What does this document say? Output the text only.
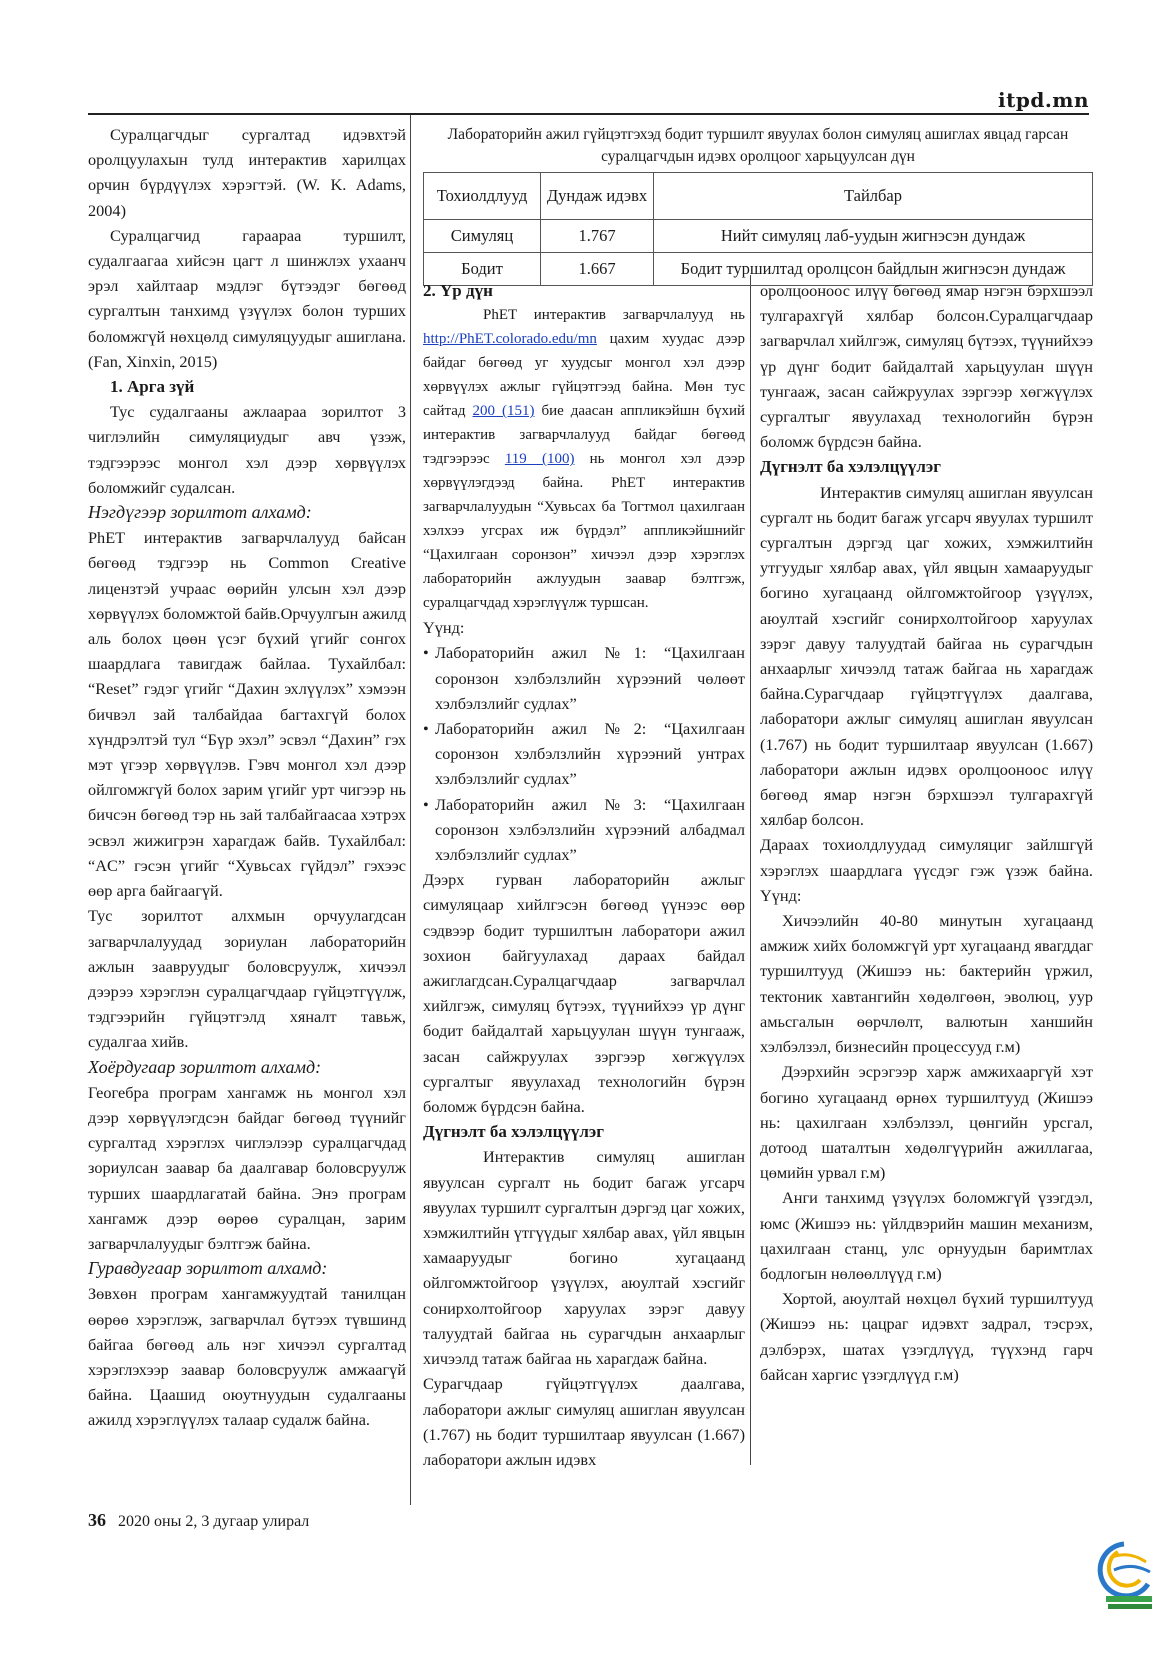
itpd.mn

Суралцагчдыг сургалтад идэвхтэй оролцуулахын тулд интерактив харилцах орчин бүрдүүлэх хэрэгтэй. (W. K. Adams, 2004)

Суралцагчид гараараа туршилт, судалгаагаа хийсэн цагт л шинжлэх ухаанч эрэл хайлтаар мэдлэг бүтээдэг бөгөөд сургалтын танхимд үзүүлэх болон турших боломжгүй нөхцөлд симуляцуудыг ашиглана. (Fan, Xinxin, 2015)

1. Арга зүй

Тус судалгааны ажлаараа зорилтот 3 чиглэлийн симуляциудыг авч үзэж, тэдгээрээс монгол хэл дээр хөрвүүлэх боломжийг судалсан.

Нэгдүгээр зорилтот алхамд:

PhET интерактив загварчлалууд байсан бөгөөд тэдгээр нь Common Creative лицензтэй учраас өөрийн улсын хэл дээр хөрвүүлэх боломжтой байв.Орчуулгын ажилд аль болох цөөн үсэг бүхий үгийг сонгох шаардлага тавигдаж байлаа. Тухайлбал: “Reset” гэдэг үгийг “Дахин эхлүүлэх” хэмээн бичвэл зай талбайдаа багтахгүй болох хүндрэлтэй тул “Бүр эхэл” эсвэл “Дахин” гэх мэт үгээр хөрвүүлэв. Гэвч монгол хэл дээр ойлгомжгүй болох зарим үгийг урт чигээр нь бичсэн бөгөөд тэр нь зай талбайгаасаа хэтрэх эсвэл жижигрэн харагдаж байв. Тухайлбал: “AC” гэсэн үгийг “Хувьсах гүйдэл” гэхээс өөр арга байгаагүй.

Тус зорилтот алхмын орчуулагдсан загварчлалуудад зориулан лабораторийн ажлын заавруудыг боловсруулж, хичээл дээрээ хэрэглэн суралцагчдаар гүйцэтгүүлж, тэдгээрийн гүйцэтгэлд хяналт тавьж, судалгаа хийв.

Хоёрдугаар зорилтот алхамд:

Геогебра програм хангамж нь монгол хэл дээр хөрвүүлэгдсэн байдаг бөгөөд түүнийг сургалтад хэрэглэх чиглэлээр суралцагчдад зориулсан заавар ба даалгавар боловсруулж турших шаардлагатай байна. Энэ програм хангамж дээр өөрөө суралцан, зарим загварчлалуудыг бэлтгэж байна.

Гуравдугаар зорилтот алхамд:

Зөвхөн програм хангамжуудтай танилцан өөрөө хэрэглэж, загварчлал бүтээх түвшинд байгаа бөгөөд аль нэг хичээл сургалтад хэрэглэхээр заавар боловсруулж амжаагүй байна. Цаашид оюутнуудын судалгааны ажилд хэрэглүүлэх талаар судалж байна.

Лабораторийн ажил гүйцэтгэхэд бодит туршилт явуулах болон симуляц ашиглах явцад гарсан суралцагчдын идэвх оролцоог харьцуулсан дүн
Тохиолдлууд	Дундаж идэвх	Тайлбар
Симуляц	1.767	Нийт симуляц лаб-уудын жигнэсэн дундаж
Бодит	1.667	Бодит туршилтад оролцсон байдлын жигнэсэн дундаж

2. Үр дүн

PhET интерактив загварчлалууд нь http://PhET.colorado.edu/mn цахим хуудас дээр байдаг бөгөөд уг хуудсыг монгол хэл дээр хөрвүүлэх ажлыг гүйцэтгээд байна. Мөн тус сайтад 200 (151) бие даасан аппликэйшн бүхий интерактив загварчлалууд байдаг бөгөөд тэдгээрээс 119 (100) нь монгол хэл дээр хөрвүүлэгдээд байна. PhET интерактив загварчлалуудын “Хувьсах ба Тогтмол цахилгаан хэлхээ угсрах иж бүрдэл” аппликэйшнийг “Цахилгаан соронзон” хичээл дээр хэрэглэх лабораторийн ажлуудын заавар бэлтгэж, суралцагчдад хэрэглүүлж туршсан.

Үүнд:

• Лабораторийн ажил №1: “Цахилгаан соронзон хэлбэлзлийн хүрээний чөлөөт хэлбэлзлийг судлах”
• Лабораторийн ажил №2: “Цахилгаан соронзон хэлбэлзлийн хүрээний унтрах хэлбэлзлийг судлах”
• Лабораторийн ажил №3: “Цахилгаан соронзон хэлбэлзлийн хүрээний албадмал хэлбэлзлийг судлах”

Дээрх гурван лабораторийн ажлыг симуляцаар хийлгэсэн бөгөөд үүнээс өөр сэдвээр бодит туршилтын лаборатори ажил зохион байгуулахад дараах байдал ажиглагдсан.Суралцагчдаар загварчлал хийлгэж, симуляц бүтээх, түүнийхээ үр дүнг бодит байдалтай харьцуулан шүүн тунгааж, засан сайжруулах зэргээр хөгжүүлэх сургалтыг явуулахад технологийн бүрэн боломж бүрдсэн байна.

Дүгнэлт ба хэлэлцүүлэг

Интерактив симуляц ашиглан явуулсан сургалт нь бодит багаж угсарч явуулах туршилт сургалтын дэргэд цаг хожих, хэмжилтийн үтгүүдыг хялбар авах, үйл явцын хамааруудыг богино хугацаанд ойлгомжтойгоор үзүүлэх, аюултай хэсгийг сонирхолтойгоор харуулах зэрэг давуу талуудтай байгаа нь сурагчдын анхаарлыг хичээлд татаж байгаа нь харагдаж байна.

Сурагчдаар гүйцэтгүүлэх даалгава, лаборатори ажлыг симуляц ашиглан явуулсан (1.767) нь бодит туршилтаар явуулсан (1.667) лаборатори ажлын идэвх

оролцооноос илүү бөгөөд ямар нэгэн бэрхшээл тулгарахгүй хялбар болсон.Суралцагчдаар загварчлал хийлгэж, симуляц бүтээх, түүнийхээ үр дүнг бодит байдалтай харьцуулан шүүн тунгааж, засан сайжруулах зэргээр хөгжүүлэх сургалтыг явуулахад технологийн бүрэн боломж бүрдсэн байна.

Дүгнэлт ба хэлэлцүүлэг

Интерактив симуляц ашиглан явуулсан сургалт нь бодит багаж угсарч явуулах туршилт сургалтын дэргэд цаг хожих, хэмжилтийн утгуудыг хялбар авах, үйл явцын хамааруудыг богино хугацаанд ойлгомжтойгоор үзүүлэх, аюултай хэсгийг сонирхолтойгоор харуулах зэрэг давуу талуудтай байгаа нь сурагчдын анхаарлыг хичээлд татаж байгаа нь харагдаж байна.Сурагчдаар гүйцэтгүүлэх даалгава, лаборатори ажлыг симуляц ашиглан явуулсан (1.767) нь бодит туршилтаар явуулсан (1.667) лаборатори ажлын идэвх оролцооноос илүү бөгөөд ямар нэгэн бэрхшээл тулгарахгүй хялбар болсон.

Дараах тохиолдлуудад симуляциг зайлшгүй хэрэглэх шаардлага үүсдэг гэж үзэж байна. Үүнд:

Хичээлийн 40-80 минутын хугацаанд амжиж хийх боломжгүй урт хугацаанд явагддаг туршилтууд (Жишээ нь: бактерийн үржил, тектоник хавтангийн хөдөлгөөн, эволюц, уур амьсгалын өөрчлөлт, валютын ханшийн хэлбэлзэл, бизнесийн процессууд г.м)

Дээрхийн эсрэгээр харж амжихааргүй хэт богино хугацаанд өрнөх туршилтууд (Жишээ нь: цахилгаан хэлбэлзэл, цөнгийн урсгал, дотоод шаталтын хөдөлгүүрийн ажиллагаа, цөмийн урвал г.м)

Анги танхимд үзүүлэх боломжгүй үзэгдэл, юмс (Жишээ нь: үйлдвэрийн машин механизм, цахилгаан станц, улс орнуудын баримтлах бодлогын нөлөөллүүд г.м)

Хортой, аюултай нөхцөл бүхий туршилтууд (Жишээ нь: цацраг идэвхт задрал, тэсрэх, дэлбэрэх, шатах үзэгдлүүд, түүхэнд гарч байсан харгис үзэгдлүүд г.м)

36 2020 оны 2, 3 дугаар улирал
